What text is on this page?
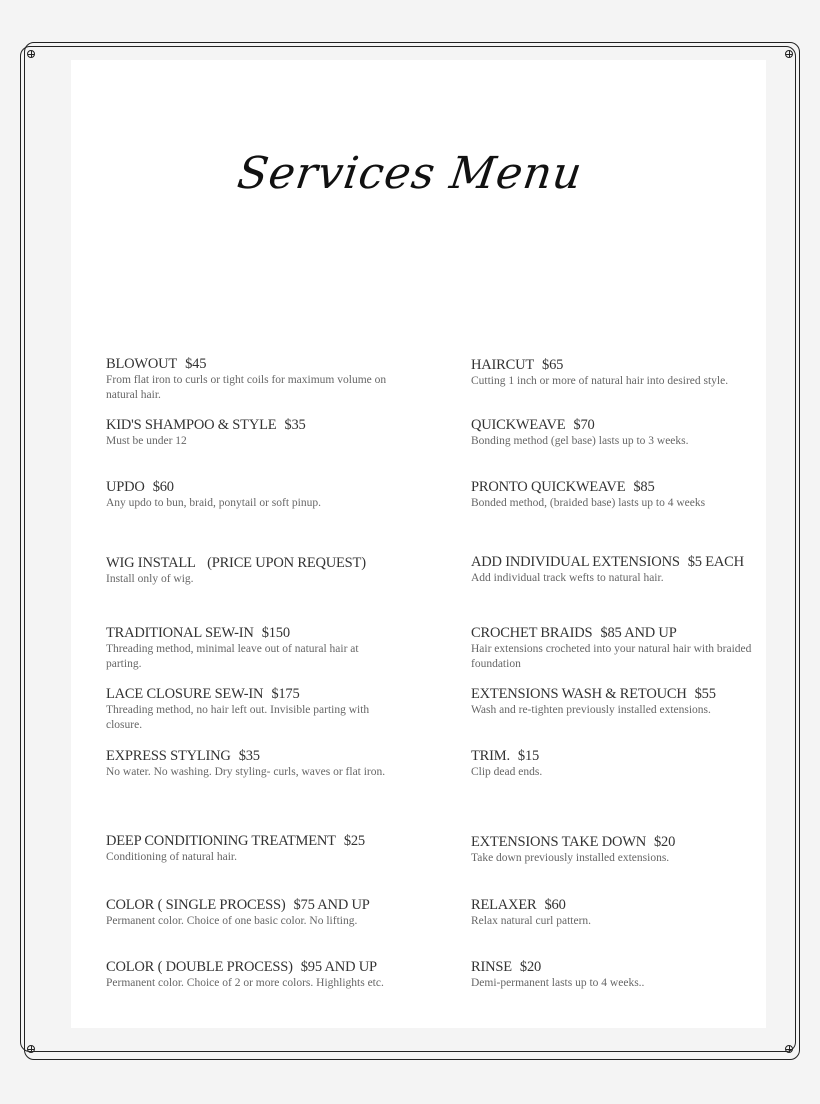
Services Menu
BLOWOUT $45
From flat iron to curls or tight coils for maximum volume on natural hair.
KID'S SHAMPOO & STYLE $35
Must be under 12
UPDO $60
Any updo to bun, braid, ponytail or soft pinup.
WIG INSTALL (PRICE UPON REQUEST)
Install only of wig.
TRADITIONAL SEW-IN $150
Threading method, minimal leave out of natural hair at parting.
LACE CLOSURE SEW-IN $175
Threading method, no hair left out. Invisible parting with closure.
EXPRESS STYLING $35
No water. No washing. Dry styling- curls, waves or flat iron.
DEEP CONDITIONING TREATMENT $25
Conditioning of natural hair.
COLOR ( SINGLE PROCESS) $75 AND UP
Permanent color. Choice of one basic color. No lifting.
COLOR ( DOUBLE PROCESS) $95 AND UP
Permanent color. Choice of 2 or more colors. Highlights etc.
HAIRCUT $65
Cutting 1 inch or more of natural hair into desired style.
QUICKWEAVE $70
Bonding method (gel base) lasts up to 3 weeks.
PRONTO QUICKWEAVE $85
Bonded method, (braided base) lasts up to 4 weeks
ADD INDIVIDUAL EXTENSIONS $5 EACH
Add individual track wefts to natural hair.
CROCHET BRAIDS $85 AND UP
Hair extensions crocheted into your natural hair with braided foundation
EXTENSIONS WASH & RETOUCH $55
Wash and re-tighten previously installed extensions.
TRIM. $15
Clip dead ends.
EXTENSIONS TAKE DOWN $20
Take down previously installed extensions.
RELAXER $60
Relax natural curl pattern.
RINSE $20
Demi-permanent lasts up to 4 weeks..
